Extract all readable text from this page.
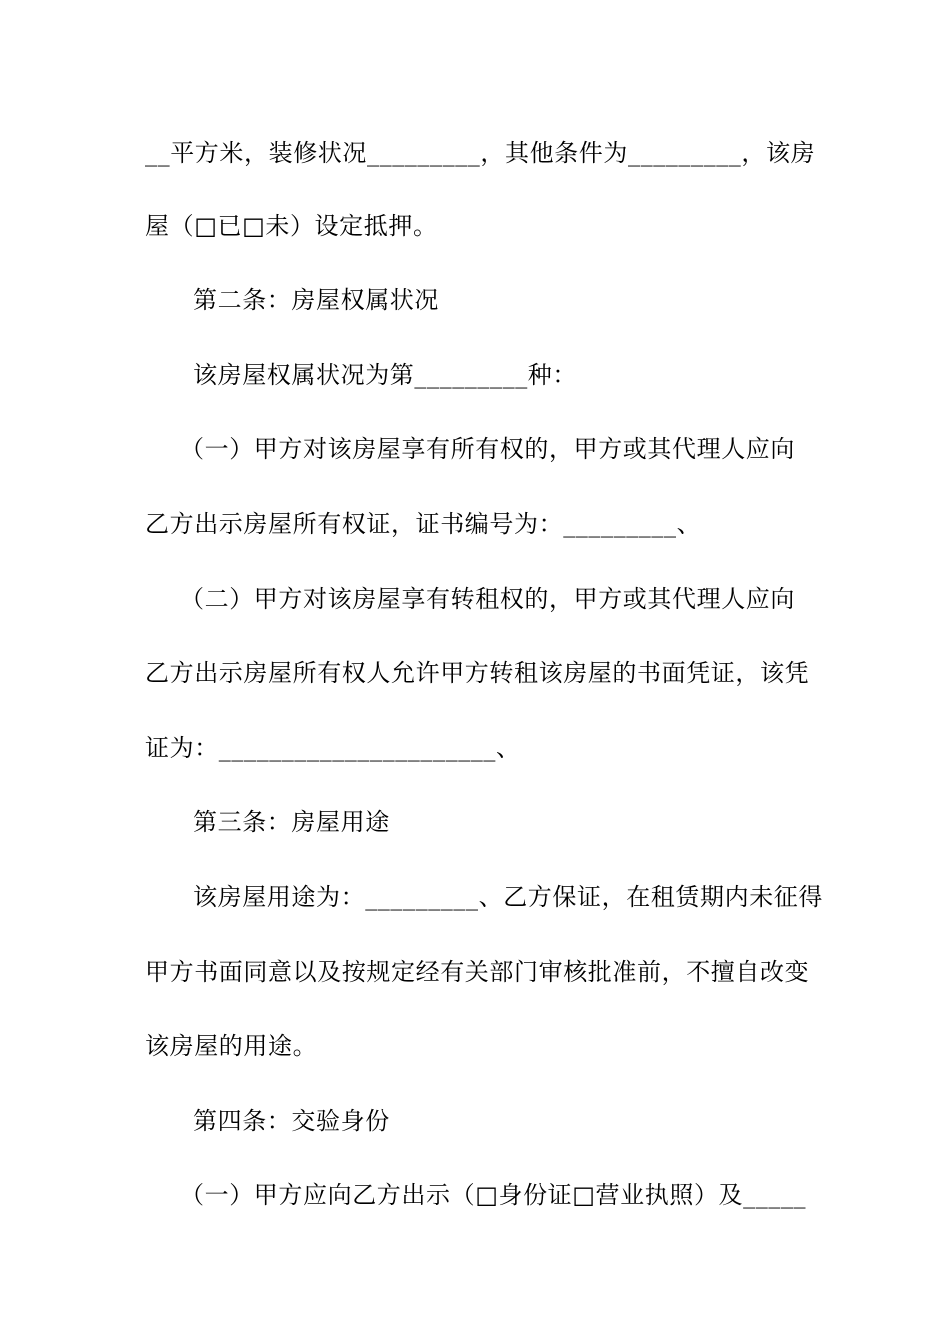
__平方米，装修状况_________，其他条件为_________，该房
屋（□已□未）设定抵押。
第二条：房屋权属状况
该房屋权属状况为第_________种：
（一）甲方对该房屋享有所有权的，甲方或其代理人应向
乙方出示房屋所有权证，证书编号为：_________、
（二）甲方对该房屋享有转租权的，甲方或其代理人应向
乙方出示房屋所有权人允许甲方转租该房屋的书面凭证，该凭
证为：______________________、
第三条：房屋用途
该房屋用途为：_________、乙方保证，在租赁期内未征得
甲方书面同意以及按规定经有关部门审核批准前，不擅自改变
该房屋的用途。
第四条：交验身份
（一）甲方应向乙方出示（□身份证□营业执照）及_____
